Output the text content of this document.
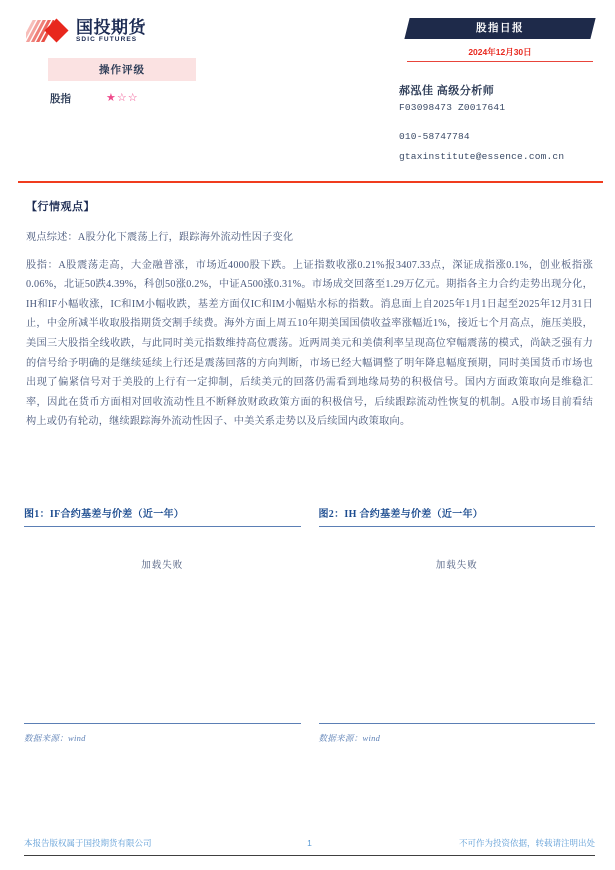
国投期货
SDIC FUTURES
操作评级
股指	★☆☆
股指日报
2024年12月30日
郝泓佳 高级分析师
F03098473 Z0017641
010-58747784
gtaxinstitute@essence.com.cn
【行情观点】

观点综述：A股分化下震荡上行，跟踪海外流动性因子变化

股指：A股震荡走高，大金融普涨，市场近4000股下跌。上证指数收涨0.21%报3407.33点，深证成指涨0.1%，创业板指涨0.06%，北证50跌4.39%，科创50涨0.2%，中证A500涨0.31%。市场成交回落至1.29万亿元。期指各主力合约走势出现分化，IH和IF小幅收涨，IC和IM小幅收跌，基差方面仅IC和IM小幅贴水标的指数。消息面上自2025年1月1日起至2025年12月31日止，中金所减半收取股指期货交割手续费。海外方面上周五10年期美国国债收益率涨幅近1%，接近七个月高点，施压美股，美国三大股指全线收跌，与此同时美元指数维持高位震荡。近两周美元和美债利率呈现高位窄幅震荡的模式，尚缺乏强有力的信号给予明确的是继续延续上行还是震荡回落的方向判断，市场已经大幅调整了明年降息幅度预期，同时美国货币市场也出现了偏紧信号对于美股的上行有一定抑制，后续美元的回落仍需看到地缘局势的积极信号。国内方面政策取向是维稳汇率，因此在货币方面相对回收流动性且不断释放财政政策方面的积极信号，后续跟踪流动性恢复的机制。A股市场目前看结构上或仍有轮动，继续跟踪海外流动性因子、中美关系走势以及后续国内政策取向。

图1：IF合约基差与价差（近一年）
加载失败
数据来源：wind
图2：IH 合约基差与价差（近一年）
加载失败
数据来源：wind
本报告版权属于国投期货有限公司	1	不可作为投资依据，转载请注明出处
